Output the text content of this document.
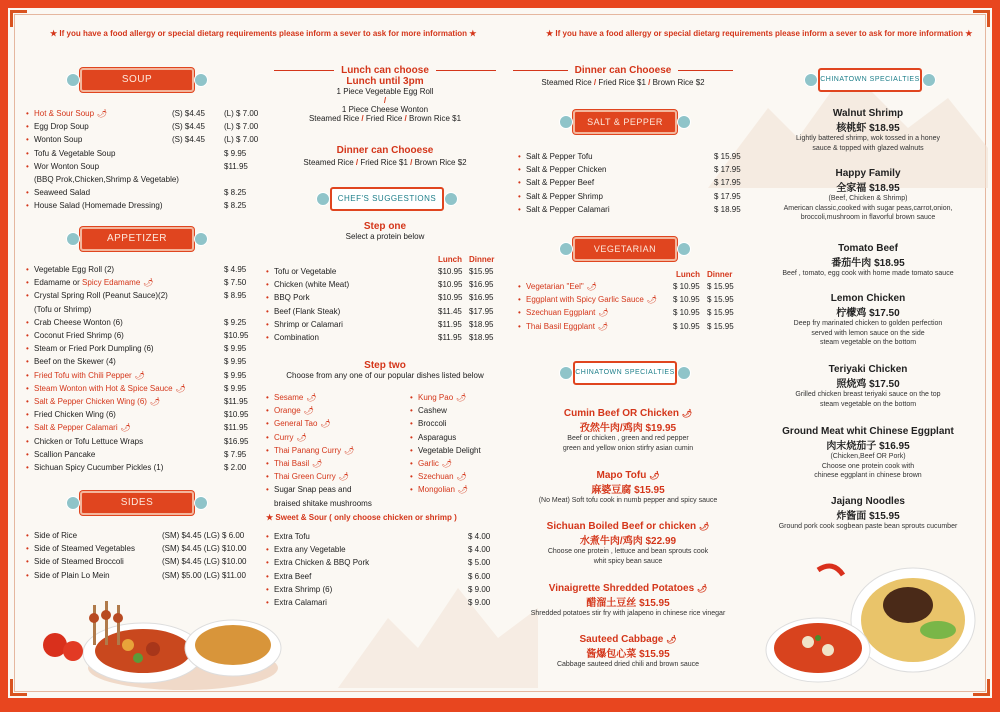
★ If you have a food allergy or special dietarg requirements please inform a sever to ask for more information ★	★ If you have a food allergy or special dietarg requirements please inform a sever to ask for more information ★
SOUP
• Hot & Sour Soup 🌶	(S) $4.45 (L) $ 7.00
• Egg Drop Soup	(S) $4.45 (L) $ 7.00
• Wonton Soup	(S) $4.45 (L) $ 7.00
• Tofu & Vegetable Soup	$ 9.95
• Wor Wonton Soup	$11.95
(BBQ Prok,Chicken,Shrimp & Vegetable)
• Seaweed Salad	$ 8.25
• House Salad (Homemade Dressing)	$ 8.25
APPETIZER
• Vegetable Egg Roll (2)	$ 4.95
• Edamame or Spicy Edamame 🌶	$ 7.50
• Crystal Spring Roll (Peanut Sauce)(2)	$ 8.95
(Tofu or Shrimp)
• Crab Cheese Wonton (6)	$ 9.25
• Coconut Fried Shrimp (6)	$10.95
• Steam or Fried Pork Dumpling (6)	$ 9.95
• Beef on the Skewer (4)	$ 9.95
• Fried Tofu with Chili Pepper 🌶	$ 9.95
• Steam Wonton with Hot & Spice Sauce 🌶	$ 9.95
• Salt & Pepper Chicken Wing (6) 🌶	$11.95
• Fried Chicken Wing (6)	$10.95
• Salt & Pepper Calamari 🌶	$11.95
• Chicken or Tofu Lettuce Wraps	$16.95
• Scallion Pancake	$ 7.95
• Sichuan Spicy Cucumber Pickles (1)	$ 2.00
SIDES
• Side of Rice	(SM) $4.45 (LG) $ 6.00
• Side of Steamed Vegetables	(SM) $4.45 (LG) $10.00
• Side of Steamed Broccoli	(SM) $4.45 (LG) $10.00
• Side of Plain Lo Mein	(SM) $5.00 (LG) $11.00
Lunch can choose
Lunch until 3pm
1 Piece Vegetable Egg Roll
/
1 Piece Cheese Wonton
Steamed Rice / Fried Rice / Brown Rice $1
Dinner can Chooese
Steamed Rice / Fried Rice $1 / Brown Rice $2
CHEF'S SUGGESTIONS
Step one
Select a protein below
Lunch Dinner
• Tofu or Vegetable	$10.95 $15.95
• Chicken (white Meat)	$10.95 $16.95
• BBQ Pork	$10.95 $16.95
• Beef (Flank Steak)	$11.45 $17.95
• Shrimp or Calamari	$11.95 $18.95
• Combination	$11.95 $18.95
Step two
Choose from any one of our popular dishes listed below
• Sesame 🌶
• Orange 🌶
• General Tao 🌶
• Curry 🌶
• Thai Panang Curry 🌶
• Thai Basil 🌶
• Thai Green Curry 🌶
• Sugar Snap peas and
braised shitake mushrooms
• Kung Pao 🌶
• Cashew
• Broccoli
• Asparagus
• Vegetable Delight
• Garlic 🌶
• Szechuan 🌶
• Mongolian 🌶
★ Sweet & Sour ( only choose chicken or shrimp )
• Extra Tofu	$ 4.00
• Extra any Vegetable	$ 4.00
• Extra Chicken & BBQ Pork	$ 5.00
• Extra Beef	$ 6.00
• Extra Shrimp (6)	$ 9.00
• Extra Calamari	$ 9.00
Dinner can Chooese
Steamed Rice / Fried Rice $1 / Brown Rice $2
SALT & PEPPER
• Salt & Pepper Tofu	$ 15.95
• Salt & Pepper Chicken	$ 17.95
• Salt & Pepper Beef	$ 17.95
• Salt & Pepper Shrimp	$ 17.95
• Salt & Pepper Calamari	$ 18.95
VEGETARIAN
Lunch Dinner
• Vegetarian "Eel" 🌶	$ 10.95 $ 15.95
• Eggplant with Spicy Garlic Sauce 🌶 $ 10.95 $ 15.95
• Szechuan Eggplant 🌶	$ 10.95 $ 15.95
• Thai Basil Eggplant 🌶	$ 10.95 $ 15.95
CHINATOWN SPECIALTIES
Cumin Beef OR Chicken 🌶
孜然牛肉/鸡肉 $19.95
Beef or chicken , green and red pepper
green and yellow onion stirfry asian cumin
Mapo Tofu 🌶
麻婆豆腐 $15.95
(No Meat) Soft tofu cook in numb pepper and spicy sauce
Sichuan Boiled Beef or chicken 🌶
水煮牛肉/鸡肉 $22.99
Choose one protein , lettuce and bean sprouts cook
whit spicy bean sauce
Vinaigrette Shredded Potatoes 🌶
醋溜土豆丝 $15.95
Shredded potatoes stir fry with jalapeno in chinese rice vinegar
Sauteed Cabbage 🌶
酱爆包心菜 $15.95
Cabbage sauteed dried chili and brown sauce
CHINATOWN SPECIALTIES
Walnut Shrimp
核桃虾 $18.95
Lightly battered shrimp, wok tossed in a honey
sauce & topped with glazed walnuts
Happy Family
全家福 $18.95
(Beef, Chicken & Shrimp)
American classic,cooked with sugar peas,carrot,onion,
broccoli,mushroom in flavorful brown sauce
Tomato Beef
番茄牛肉 $18.95
Beef , tomato, egg cook with home made tomato sauce
Lemon Chicken
柠檬鸡 $17.50
Deep fry marinated chicken to golden perfection
served with lemon sauce on the side
steam vegetable on the bottom
Teriyaki Chicken
照烧鸡 $17.50
Grilled chicken breast teriyaki sauce on the top
steam vegetable on the bottom
Ground Meat whit Chinese Eggplant
肉末烧茄子 $16.95
(Chicken,Beef OR Pork)
Choose one protein cook with
chinese eggplant in chinese brown
Jajang Noodles
炸酱面 $15.95
Ground pork cook sogbean paste bean sprouts cucumber
